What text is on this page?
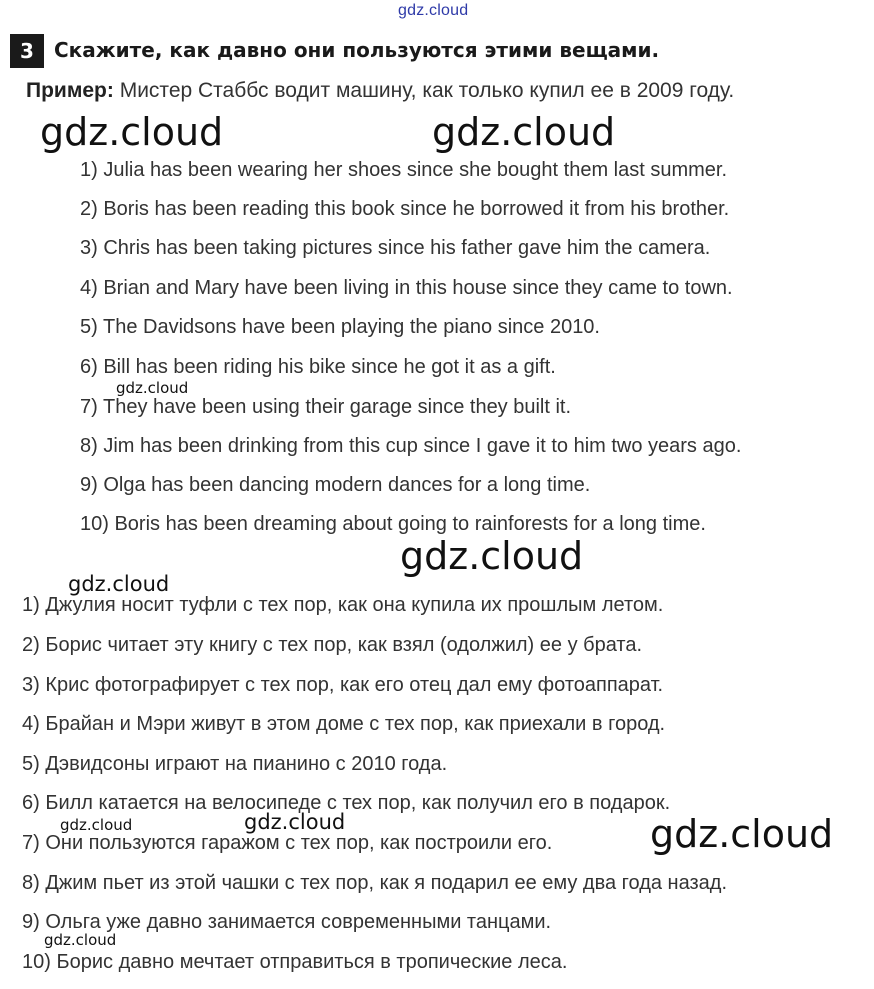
gdz.cloud
3	Скажите, как давно они пользуются этими вещами.
Пример: Мистер Стаббс водит машину, как только купил ее в 2009 году.
gdz.cloud	gdz.cloud
1) Julia has been wearing her shoes since she bought them last summer.
2) Boris has been reading this book since he borrowed it from his brother.
3) Chris has been taking pictures since his father gave him the camera.
4) Brian and Mary have been living in this house since they came to town.
5) The Davidsons have been playing the piano since 2010.
6) Bill has been riding his bike since he got it as a gift.
gdz.cloud
7) They have been using their garage since they built it.
8) Jim has been drinking from this cup since I gave it to him two years ago.
9) Olga has been dancing modern dances for a long time.
10) Boris has been dreaming about going to rainforests for a long time.
gdz.cloud
gdz.cloud
1) Джулия носит туфли с тех пор, как она купила их прошлым летом.
2) Борис читает эту книгу с тех пор, как взял (одолжил) ее у брата.
3) Крис фотографирует с тех пор, как его отец дал ему фотоаппарат.
4) Брайан и Мэри живут в этом доме с тех пор, как приехали в город.
5) Дэвидсоны играют на пианино с 2010 года.
6) Билл катается на велосипеде с тех пор, как получил его в подарок.
gdz.cloud	gdz.cloud	gdz.cloud
7) Они пользуются гаражом с тех пор, как построили его.
8) Джим пьет из этой чашки с тех пор, как я подарил ее ему два года назад.
9) Ольга уже давно занимается современными танцами.
gdz.cloud
10) Борис давно мечтает отправиться в тропические леса.
